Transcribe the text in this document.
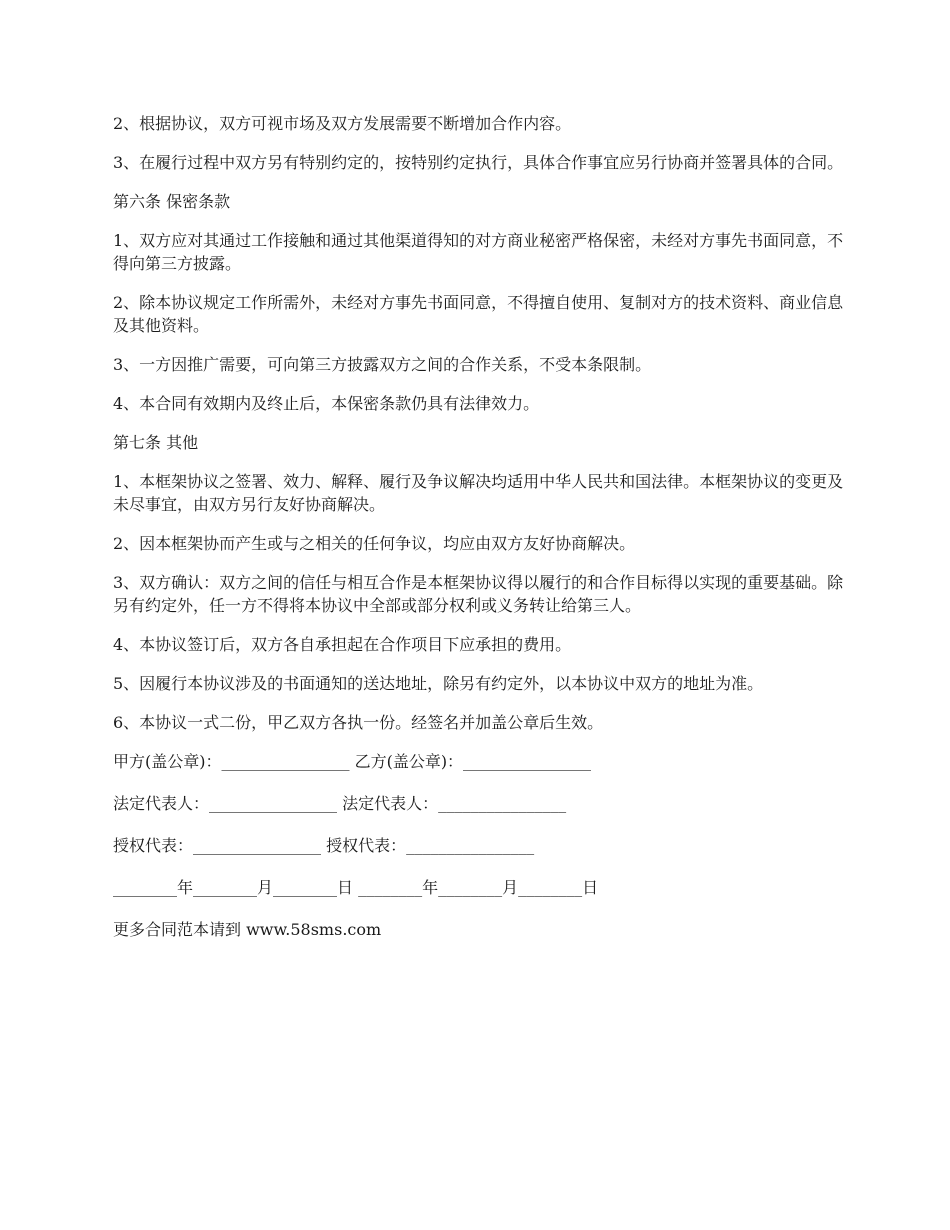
2、根据协议，双方可视市场及双方发展需要不断增加合作内容。

3、在履行过程中双方另有特别约定的，按特别约定执行，具体合作事宜应另行协商并签署具体的合同。

第六条 保密条款

1、双方应对其通过工作接触和通过其他渠道得知的对方商业秘密严格保密，未经对方事先书面同意，不得向第三方披露。

2、除本协议规定工作所需外，未经对方事先书面同意，不得擅自使用、复制对方的技术资料、商业信息及其他资料。

3、一方因推广需要，可向第三方披露双方之间的合作关系，不受本条限制。

4、本合同有效期内及终止后，本保密条款仍具有法律效力。

第七条 其他

1、本框架协议之签署、效力、解释、履行及争议解决均适用中华人民共和国法律。本框架协议的变更及未尽事宜，由双方另行友好协商解决。

2、因本框架协而产生或与之相关的任何争议，均应由双方友好协商解决。

3、双方确认：双方之间的信任与相互合作是本框架协议得以履行的和合作目标得以实现的重要基础。除另有约定外，任一方不得将本协议中全部或部分权利或义务转让给第三人。

4、本协议签订后，双方各自承担起在合作项目下应承担的费用。

5、因履行本协议涉及的书面通知的送达地址，除另有约定外，以本协议中双方的地址为准。

6、本协议一式二份，甲乙双方各执一份。经签名并加盖公章后生效。

甲方(盖公章)：________________ 乙方(盖公章)：________________

法定代表人：________________ 法定代表人：________________

授权代表：________________ 授权代表：________________

________年________月________日 ________年________月________日

更多合同范本请到 www.58sms.com
